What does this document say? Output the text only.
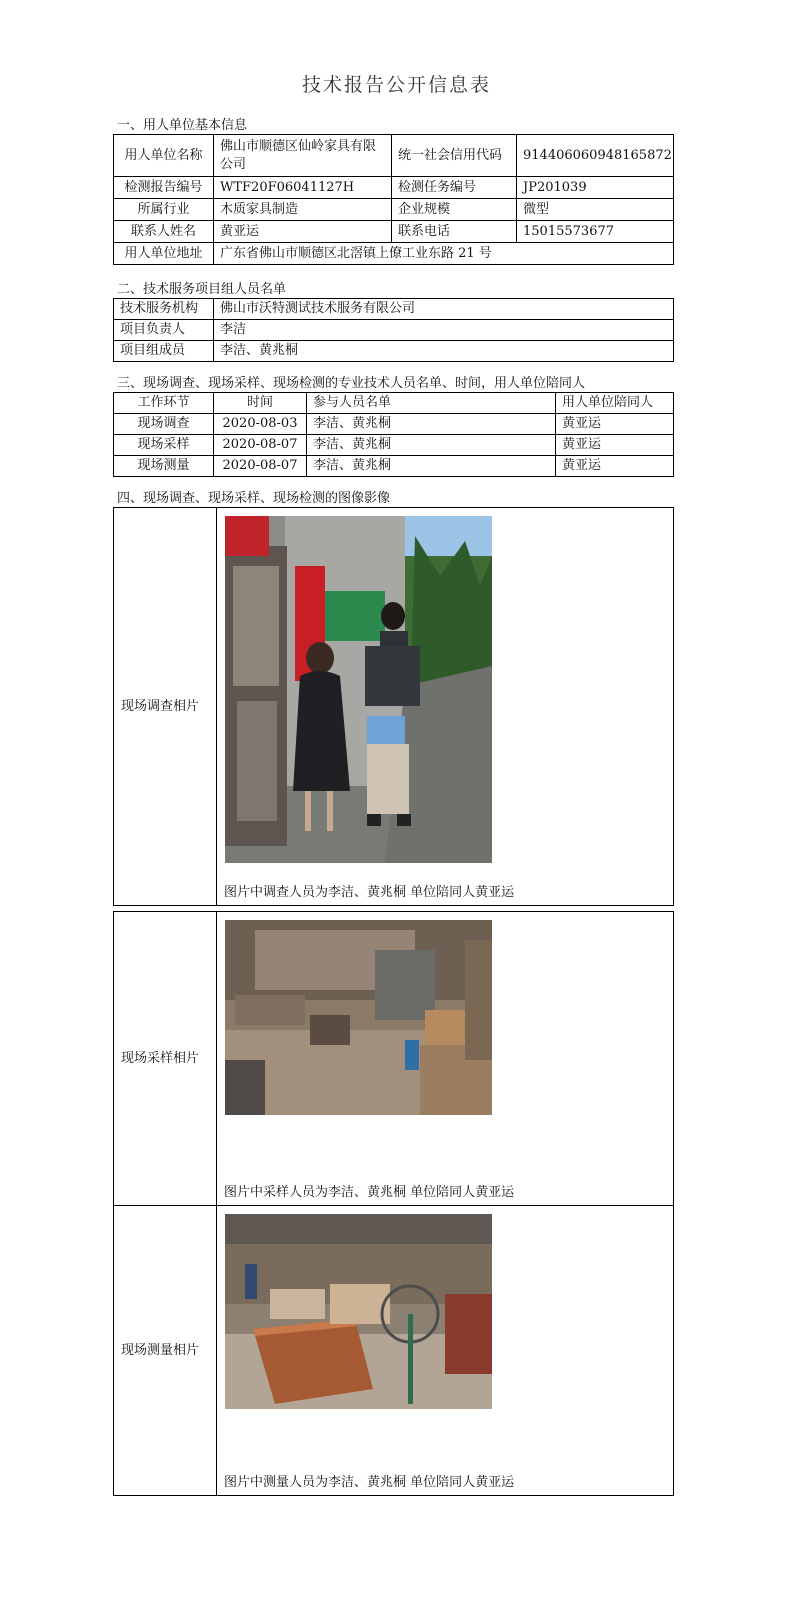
技术报告公开信息表
一、用人单位基本信息
用人单位名称	佛山市顺德区仙岭家具有限公司	统一社会信用代码	914406060948165872
检测报告编号	WTF20F06041127H	检测任务编号	JP201039
所属行业	木质家具制造	企业规模	微型
联系人姓名	黄亚运	联系电话	15015573677
用人单位地址	广东省佛山市顺德区北滘镇上僚工业东路 21 号		
二、技术服务项目组人员名单
技术服务机构	佛山市沃特测试技术服务有限公司
项目负责人	李洁
项目组成员	李洁、黄兆桐
三、现场调查、现场采样、现场检测的专业技术人员名单、时间，用人单位陪同人
工作环节	时间	参与人员名单	用人单位陪同人
现场调查	2020-08-03	李洁、黄兆桐	黄亚运
现场采样	2020-08-07	李洁、黄兆桐	黄亚运
现场测量	2020-08-07	李洁、黄兆桐	黄亚运
四、现场调查、现场采样、现场检测的图像影像
现场调查相片	
图片中调查人员为李洁、黄兆桐 单位陪同人黄亚运
现场采样相片	
图片中采样人员为李洁、黄兆桐 单位陪同人黄亚运
现场测量相片	
图片中测量人员为李洁、黄兆桐 单位陪同人黄亚运
